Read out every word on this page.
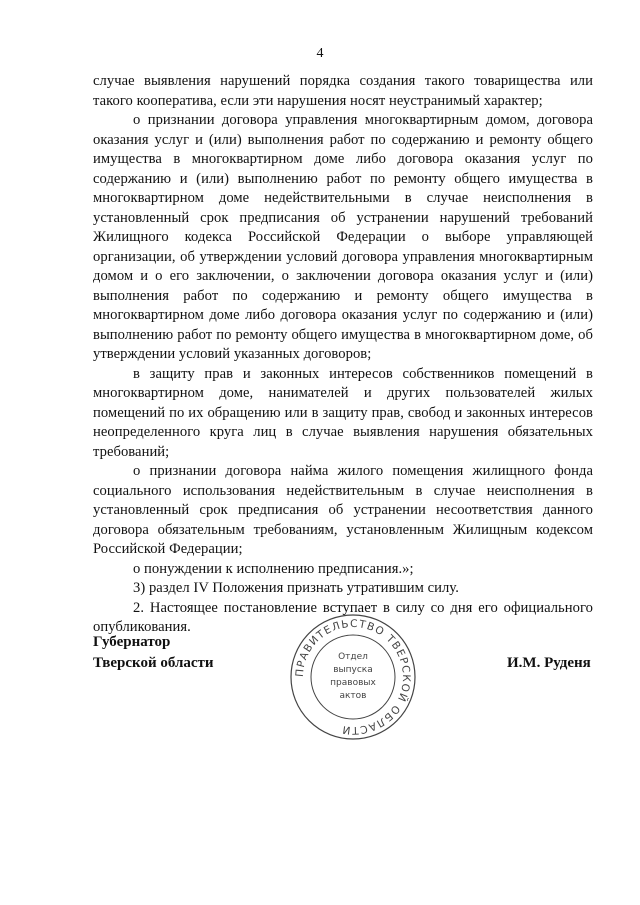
4

случае выявления нарушений порядка создания такого товарищества или такого кооператива, если эти нарушения носят неустранимый характер;

о признании договора управления многоквартирным домом, договора оказания услуг и (или) выполнения работ по содержанию и ремонту общего имущества в многоквартирном доме либо договора оказания услуг по содержанию и (или) выполнению работ по ремонту общего имущества в многоквартирном доме недействительными в случае неисполнения в установленный срок предписания об устранении нарушений требований Жилищного кодекса Российской Федерации о выборе управляющей организации, об утверждении условий договора управления многоквартирным домом и о его заключении, о заключении договора оказания услуг и (или) выполнения работ по содержанию и ремонту общего имущества в многоквартирном доме либо договора оказания услуг по содержанию и (или) выполнению работ по ремонту общего имущества в многоквартирном доме, об утверждении условий указанных договоров;

в защиту прав и законных интересов собственников помещений в многоквартирном доме, нанимателей и других пользователей жилых помещений по их обращению или в защиту прав, свобод и законных интересов неопределенного круга лиц в случае выявления нарушения обязательных требований;

о признании договора найма жилого помещения жилищного фонда социального использования недействительным в случае неисполнения в установленный срок предписания об устранении несоответствия данного договора обязательным требованиям, установленным Жилищным кодексом Российской Федерации;

о понуждении к исполнению предписания.»;

3) раздел IV Положения признать утратившим силу.

2. Настоящее постановление вступает в силу со дня его официального опубликования.

Губернатор
Тверской области	И.М. Руденя
ПРАВИТЕЛЬСТВО ТВЕРСКОЙ ОБЛАСТИ
Отдел
выпуска
правовых
актов
